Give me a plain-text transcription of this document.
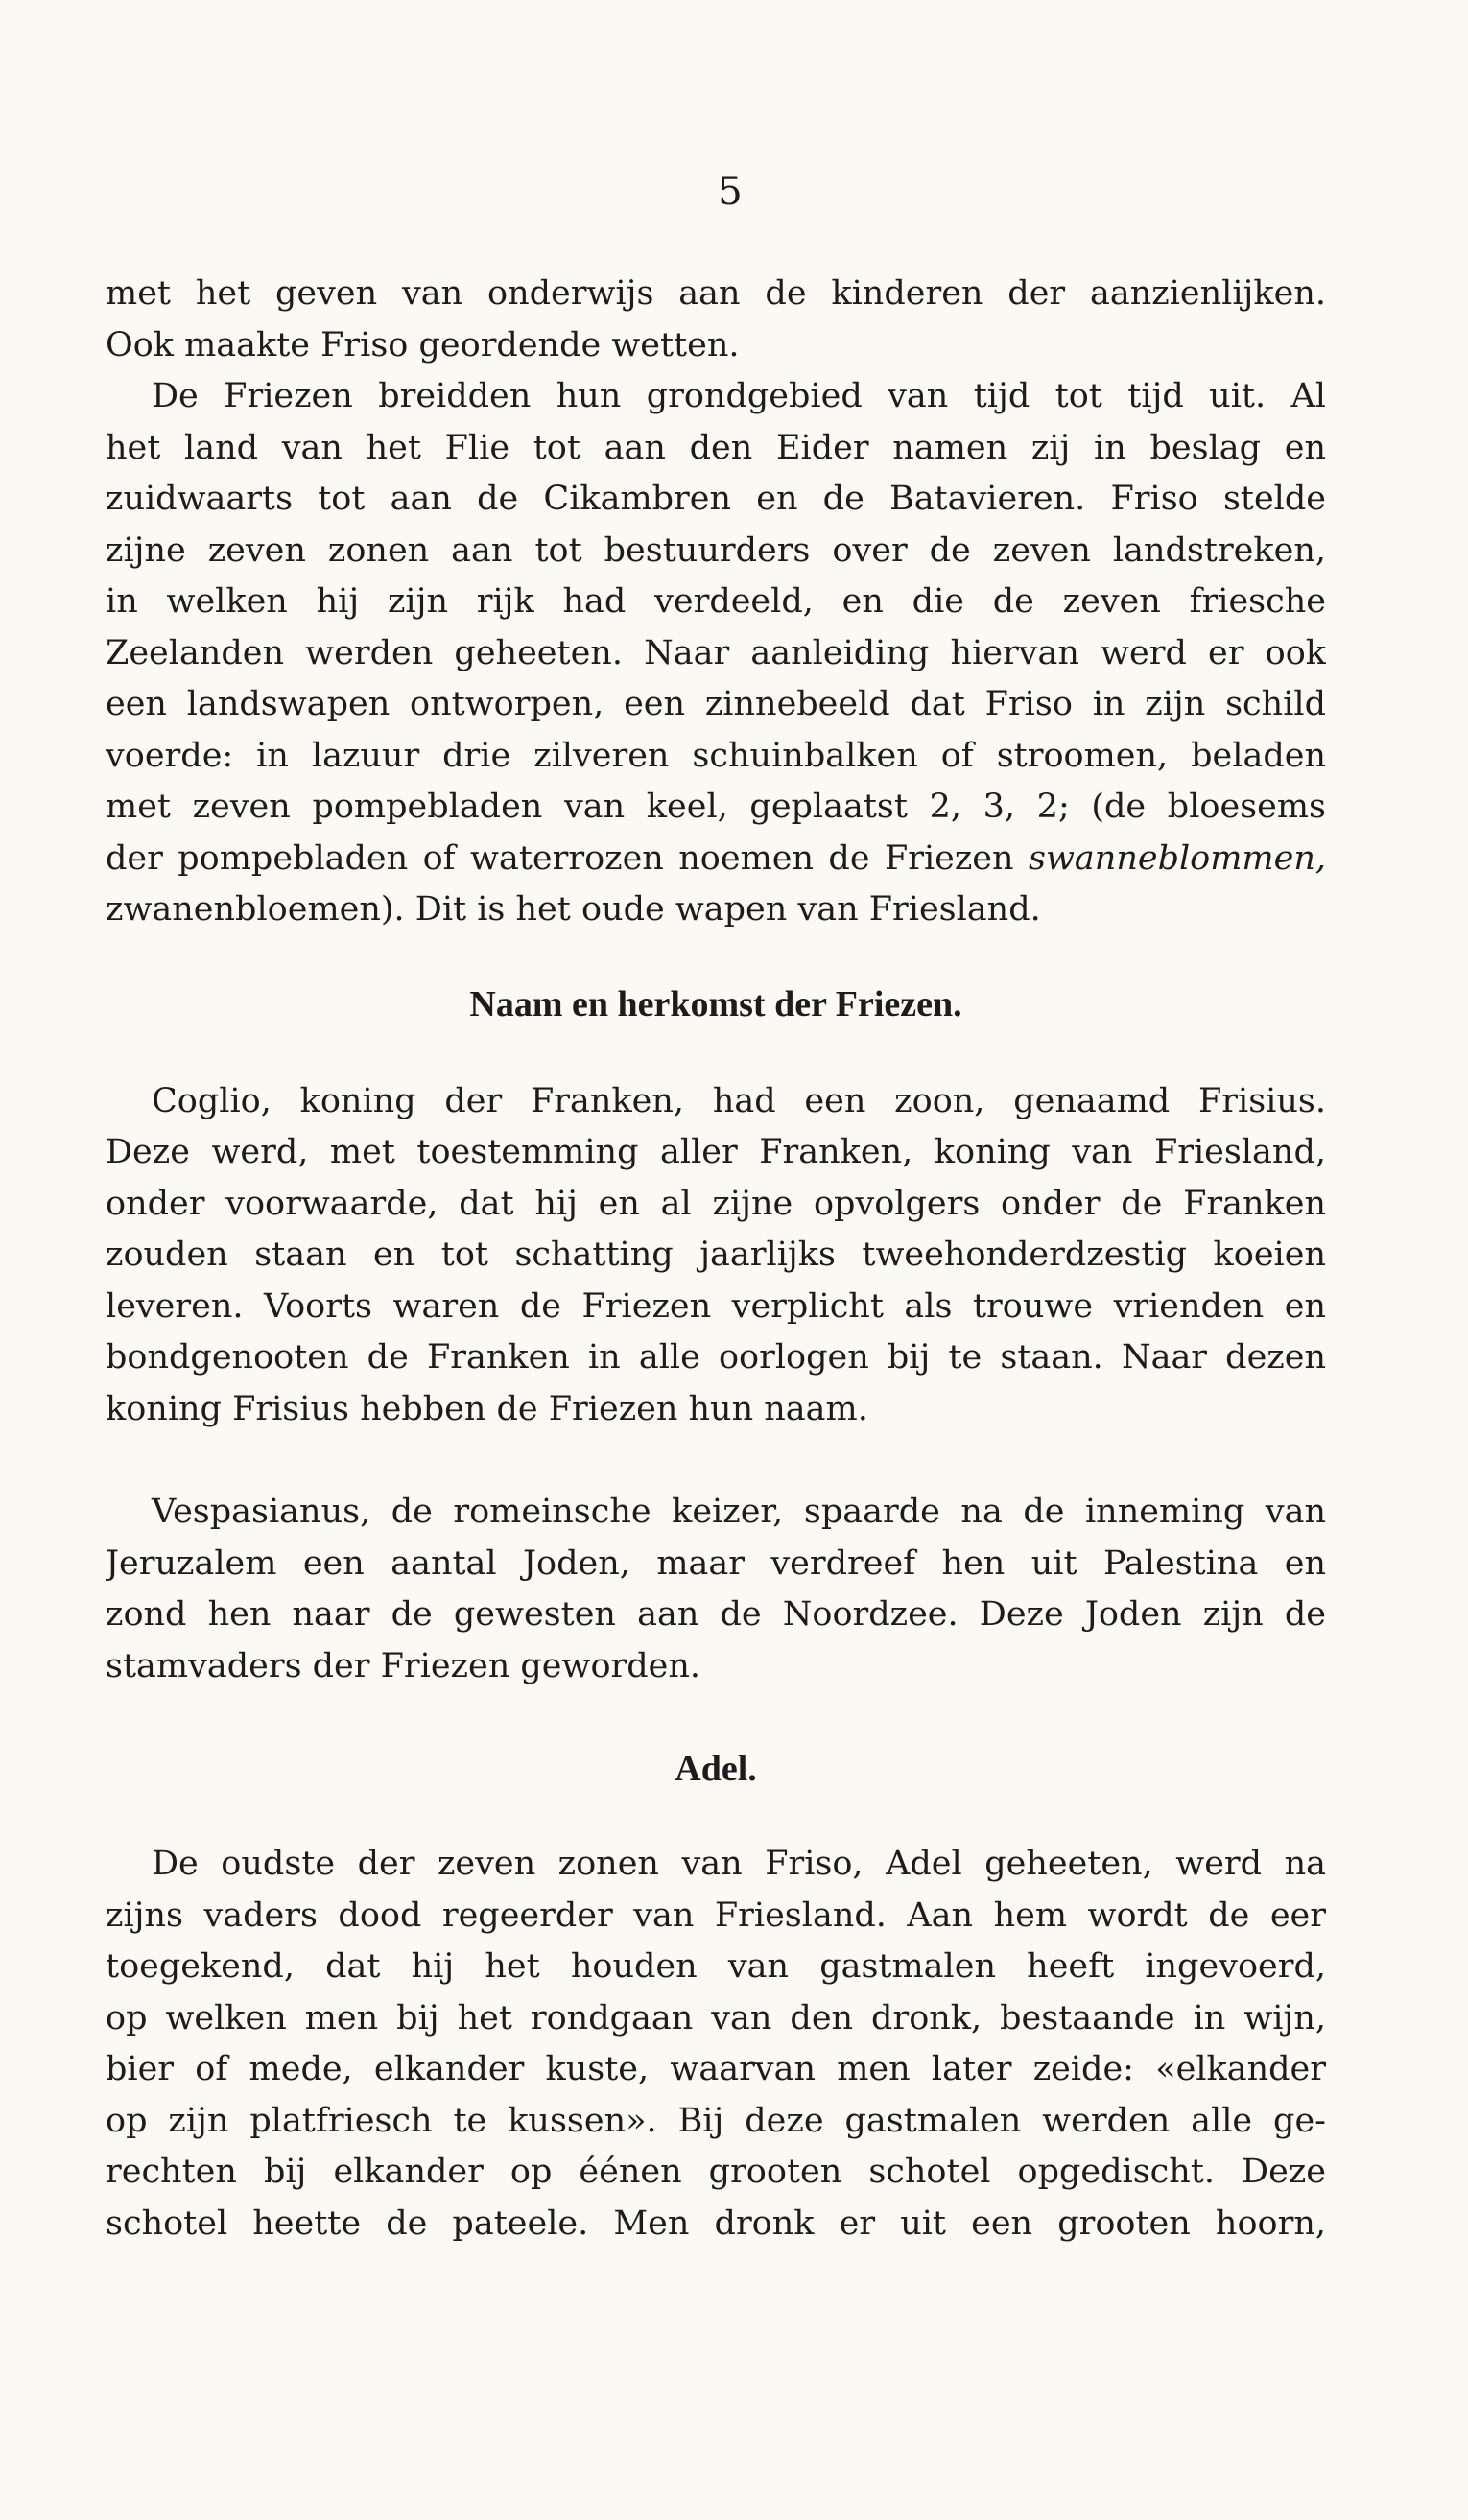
5
met het geven van onderwijs aan de kinderen der aanzienlijken.
Ook maakte Friso geordende wetten.
De Friezen breidden hun grondgebied van tijd tot tijd uit. Al
het land van het Flie tot aan den Eider namen zij in beslag en
zuidwaarts tot aan de Cikambren en de Batavieren. Friso stelde
zijne zeven zonen aan tot bestuurders over de zeven landstreken,
in welken hij zijn rijk had verdeeld, en die de zeven friesche
Zeelanden werden geheeten. Naar aanleiding hiervan werd er ook
een landswapen ontworpen, een zinnebeeld dat Friso in zijn schild
voerde: in lazuur drie zilveren schuinbalken of stroomen, beladen
met zeven pompebladen van keel, geplaatst 2, 3, 2; (de bloesems
der pompebladen of waterrozen noemen de Friezen swanneblommen,
zwanenbloemen). Dit is het oude wapen van Friesland.
Naam en herkomst der Friezen.
Coglio, koning der Franken, had een zoon, genaamd Frisius.
Deze werd, met toestemming aller Franken, koning van Friesland,
onder voorwaarde, dat hij en al zijne opvolgers onder de Franken
zouden staan en tot schatting jaarlijks tweehonderdzestig koeien
leveren. Voorts waren de Friezen verplicht als trouwe vrienden en
bondgenooten de Franken in alle oorlogen bij te staan. Naar dezen
koning Frisius hebben de Friezen hun naam.
Vespasianus, de romeinsche keizer, spaarde na de inneming van
Jeruzalem een aantal Joden, maar verdreef hen uit Palestina en
zond hen naar de gewesten aan de Noordzee. Deze Joden zijn de
stamvaders der Friezen geworden.
Adel.
De oudste der zeven zonen van Friso, Adel geheeten, werd na
zijns vaders dood regeerder van Friesland. Aan hem wordt de eer
toegekend, dat hij het houden van gastmalen heeft ingevoerd,
op welken men bij het rondgaan van den dronk, bestaande in wijn,
bier of mede, elkander kuste, waarvan men later zeide: «elkander
op zijn platfriesch te kussen». Bij deze gastmalen werden alle ge-
rechten bij elkander op éénen grooten schotel opgedischt. Deze
schotel heette de pateele. Men dronk er uit een grooten hoorn,
